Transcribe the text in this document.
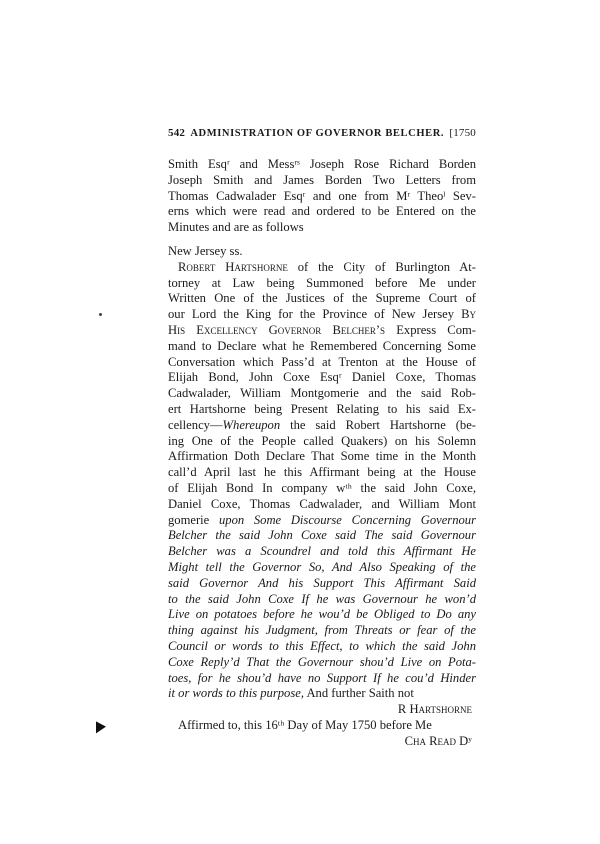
542 ADMINISTRATION OF GOVERNOR BELCHER. [1750
Smith Esqʳ and Messʳˢ Joseph Rose Richard Borden
Joseph Smith and James Borden Two Letters from
Thomas Cadwalader Esqʳ and one from Mʳ Theoˡ Sev-
erns which were read and ordered to be Entered on the
Minutes and are as follows
New Jersey ss.
Robert Hartshorne of the City of Burlington At-
torney at Law being Summoned before Me under
Written One of the Justices of the Supreme Court of
our Lord the King for the Province of New Jersey By
His Excellency Governor Belcher’s Express Com-
mand to Declare what he Remembered Concerning Some
Conversation which Pass’d at Trenton at the House of
Elijah Bond, John Coxe Esqʳ Daniel Coxe, Thomas
Cadwalader, William Montgomerie and the said Rob-
ert Hartshorne being Present Relating to his said Ex-
cellency—Whereupon the said Robert Hartshorne (be-
ing One of the People called Quakers) on his Solemn
Affirmation Doth Declare That Some time in the Month
call’d April last he this Affirmant being at the House
of Elijah Bond In company wᵗʰ the said John Coxe,
Daniel Coxe, Thomas Cadwalader, and William Mont
gomerie upon Some Discourse Concerning Governour
Belcher the said John Coxe said The said Governour
Belcher was a Scoundrel and told this Affirmant He
Might tell the Governor So, And Also Speaking of the
said Governor And his Support This Affirmant Said
to the said John Coxe If he was Governour he won’d
Live on potatoes before he wou’d be Obliged to Do any
thing against his Judgment, from Threats or fear of the
Council or words to this Effect, to which the said John
Coxe Reply’d That the Governour shou’d Live on Pota-
toes, for he shou’d have no Support If he cou’d Hinder
it or words to this purpose, And further Saith not
R Hartshorne
Affirmed to, this 16ᵗʰ Day of May 1750 before Me
Cha Read Dʸ
